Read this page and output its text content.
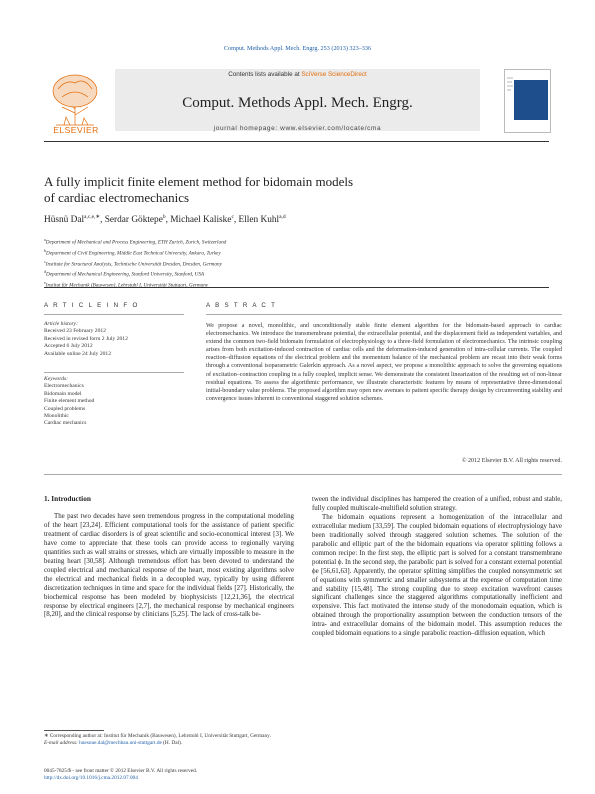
Comput. Methods Appl. Mech. Engrg. 253 (2013) 323–336
ELSEVIER
Contents lists available at SciVerse ScienceDirect
Comput. Methods Appl. Mech. Engrg.
journal homepage: www.elsevier.com/locate/cma
A fully implicit finite element method for bidomain models
of cardiac electromechanics
Hüsnü Dal$^{a,c,e,∗}$, Serdar Göktepe$^b$, Michael Kaliske$^c$, Ellen Kuhl$^{a,d}$
$^a$Department of Mechanical and Process Engineering, ETH Zurich, Zurich, Switzerland
$^b$Department of Civil Engineering, Middle East Technical University, Ankara, Turkey
$^c$Institute for Structural Analysis, Technische Universität Dresden, Dresden, Germany
$^d$Department of Mechanical Engineering, Stanford University, Stanford, USA
$^e$Institut für Mechanik (Bauwesen), Lehrstuhl I, Universität Stuttgart, Germany
A R T I C L E I N F O
Article history:
Received 23 February 2012
Received in revised form 2 July 2012
Accepted 6 July 2012
Available online 24 July 2012
Keywords:
Electromechanics
Bidomain model
Finite element method
Coupled problems
Monolithic
Cardiac mechanics
A B S T R A C T
We propose a novel, monolithic, and unconditionally stable finite element algorithm for the bidomain-based approach to cardiac electromechanics. We introduce the transmembrane potential, the extracellular potential, and the displacement field as independent variables, and extend the common two-field bidomain formulation of electrophysiology to a three-field formulation of electromechanics. The intrinsic coupling arises from both excitation-induced contraction of cardiac cells and the deformation-induced generation of intra-cellular currents. The coupled reaction–diffusion equations of the electrical problem and the momentum balance of the mechanical problem are recast into their weak forms through a conventional isoparametric Galerkin approach. As a novel aspect, we propose a monolithic approach to solve the governing equations of excitation–contraction coupling in a fully coupled, implicit sense. We demonstrate the consistent linearization of the resulting set of non-linear residual equations. To assess the algorithmic performance, we illustrate characteristic features by means of representative three-dimensional initial-boundary value problems. The proposed algorithm may open new avenues to patient specific therapy design by circumventing stability and convergence issues inherent to conventional staggered solution schemes.
© 2012 Elsevier B.V. All rights reserved.
1. Introduction

The past two decades have seen tremendous progress in the computational modeling of the heart [23,24]. Efficient computational tools for the assistance of patient specific treatment of cardiac disorders is of great scientific and socio-economical interest [3]. We have come to appreciate that these tools can provide access to regionally varying quantities such as wall strains or stresses, which are virtually impossible to measure in the beating heart [30,58]. Although tremendous effort has been devoted to understand the coupled electrical and mechanical response of the heart, most existing algorithms solve the electrical and mechanical fields in a decoupled way, typically by using different discretization techniques in time and space for the individual fields [27]. Historically, the biochemical response has been modeled by biophysicists [12,21,36], the electrical response by electrical engineers [2,7], the mechanical response by mechanical engineers [8,20], and the clinical response by clinicians [5,25]. The lack of cross-talk be-

tween the individual disciplines has hampered the creation of a unified, robust and stable, fully coupled multiscale-multifield solution strategy.

The bidomain equations represent a homogenization of the intracellular and extracellular medium [33,59]. The coupled bidomain equations of electrophysiology have been traditionally solved through staggered solution schemes. The solution of the parabolic and elliptic part of the the bidomain equations via operator splitting follows a common recipe: In the first step, the elliptic part is solved for a constant transmembrane potential ϕ. In the second step, the parabolic part is solved for a constant external potential ϕe [56,61,63]. Apparently, the operator splitting simplifies the coupled nonsymmetric set of equations with symmetric and smaller subsystems at the expense of computation time and stability [15,48]. The strong coupling due to steep excitation wavefront causes significant challenges since the staggered algorithms computationally inefficient and expensive. This fact motivated the intense study of the monodomain equation, which is obtained through the proportionality assumption between the conduction tensors of the intra- and extracellular domains of the bidomain model. This assumption reduces the coupled bidomain equations to a single parabolic reaction–diffusion equation, which

∗ Corresponding author at: Institut für Mechanik (Bauwesen), Lehrstuhl I, Universität Stuttgart, Germany.
E-mail address: huesnue.dal@mechbau.uni-stuttgart.de (H. Dal).
0045-7825/$ - see front matter © 2012 Elsevier B.V. All rights reserved.
http://dx.doi.org/10.1016/j.cma.2012.07.004
